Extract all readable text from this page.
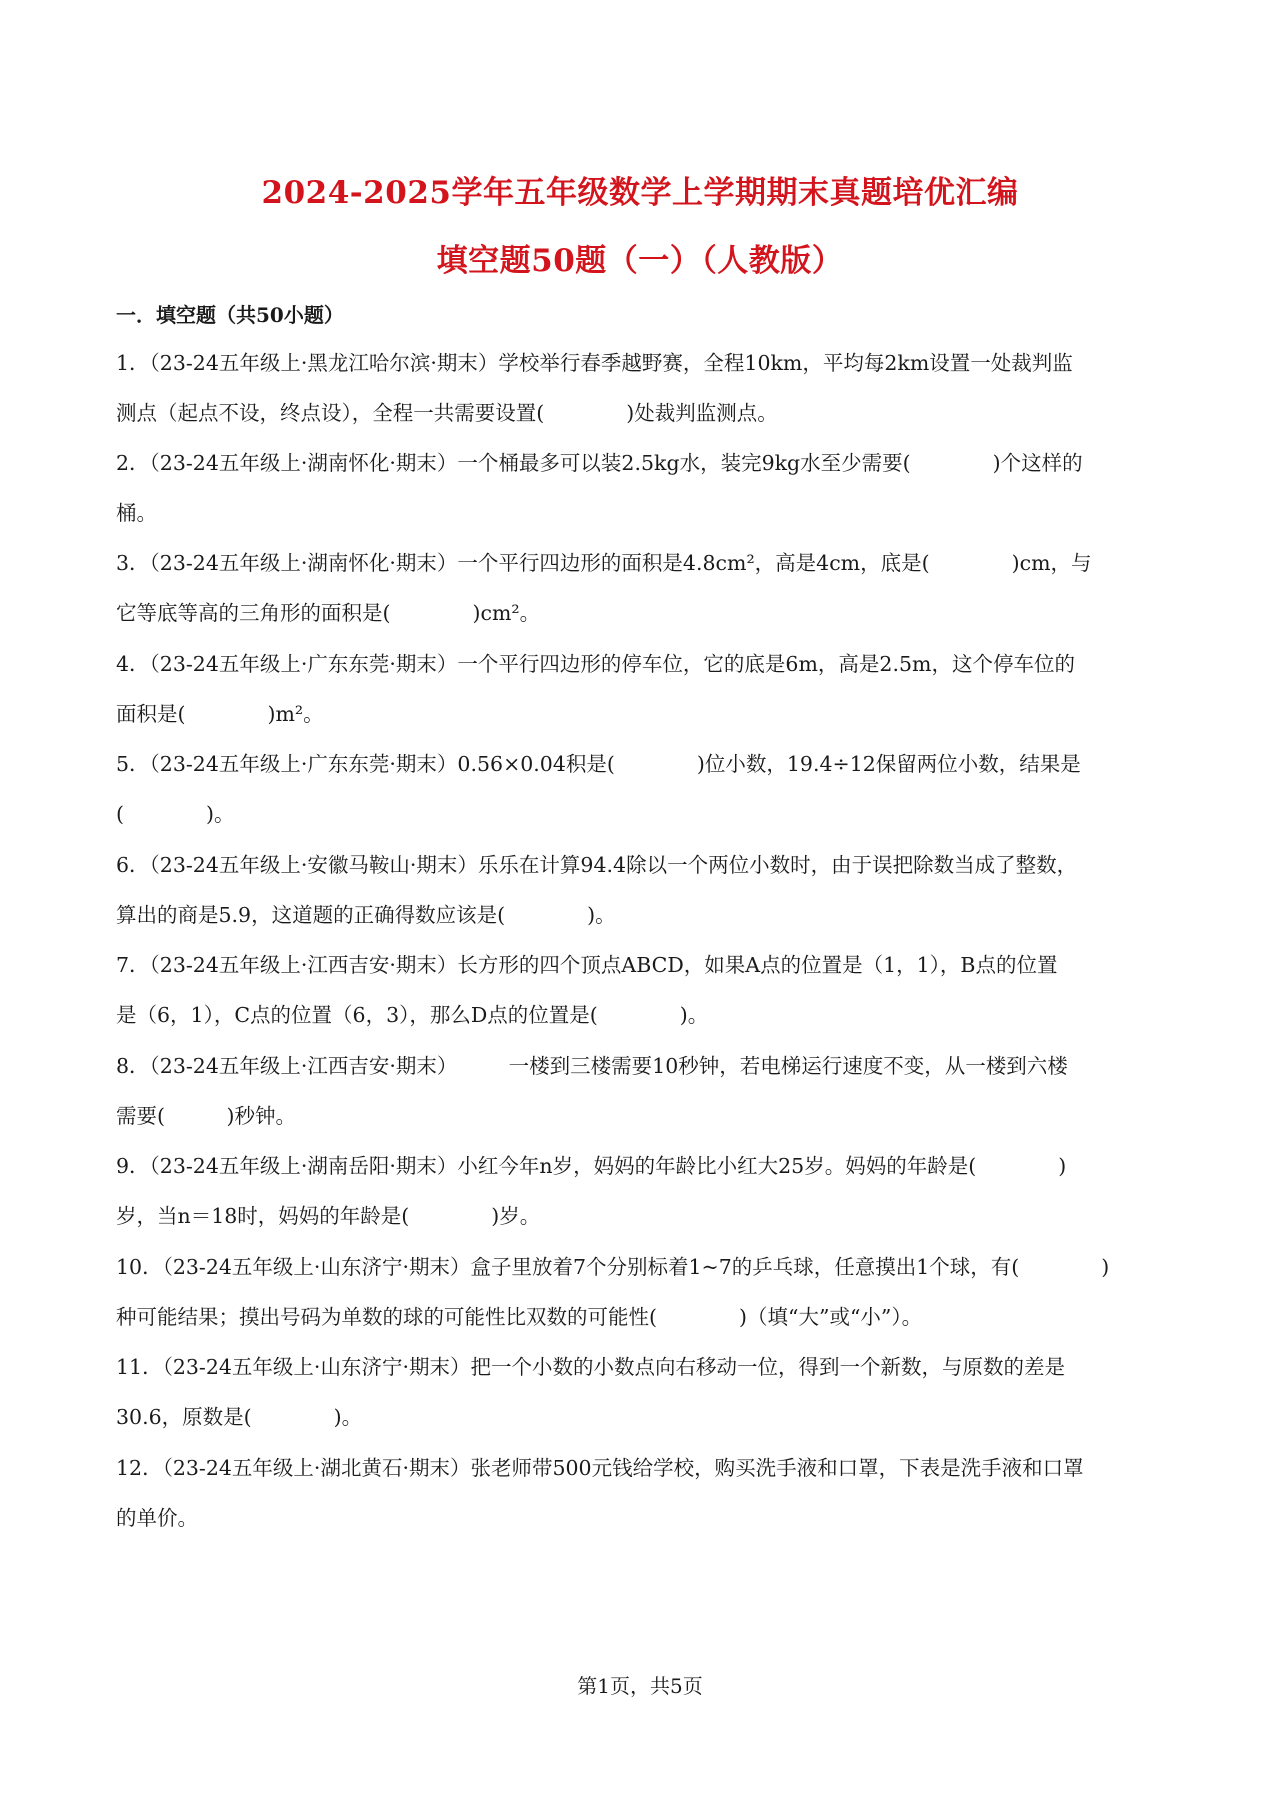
2024-2025学年五年级数学上学期期末真题培优汇编
填空题50题（一）（人教版）
一．填空题（共50小题）
1．（23-24五年级上·黑龙江哈尔滨·期末）学校举行春季越野赛，全程10km，平均每2km设置一处裁判监
测点（起点不设，终点设），全程一共需要设置(　　　　)处裁判监测点。
2．（23-24五年级上·湖南怀化·期末）一个桶最多可以装2.5kg水，装完9kg水至少需要(　　　　)个这样的
桶。
3．（23-24五年级上·湖南怀化·期末）一个平行四边形的面积是4.8cm²，高是4cm，底是(　　　　)cm，与
它等底等高的三角形的面积是(　　　　)cm²。
4．（23-24五年级上·广东东莞·期末）一个平行四边形的停车位，它的底是6m，高是2.5m，这个停车位的
面积是(　　　　)m²。
5．（23-24五年级上·广东东莞·期末）0.56×0.04积是(　　　　)位小数，19.4÷12保留两位小数，结果是
(　　　　)。
6．（23-24五年级上·安徽马鞍山·期末）乐乐在计算94.4除以一个两位小数时，由于误把除数当成了整数，
算出的商是5.9，这道题的正确得数应该是(　　　　)。
7．（23-24五年级上·江西吉安·期末）长方形的四个顶点ABCD，如果A点的位置是（1，1），B点的位置
是（6，1），C点的位置（6，3），那么D点的位置是(　　　　)。
8．（23-24五年级上·江西吉安·期末）　　　一楼到三楼需要10秒钟，若电梯运行速度不变，从一楼到六楼
需要(　　　)秒钟。
9．（23-24五年级上·湖南岳阳·期末）小红今年n岁，妈妈的年龄比小红大25岁。妈妈的年龄是(　　　　)
岁，当n＝18时，妈妈的年龄是(　　　　)岁。
10．（23-24五年级上·山东济宁·期末）盒子里放着7个分别标着1~7的乒乓球，任意摸出1个球，有(　　　　)
种可能结果；摸出号码为单数的球的可能性比双数的可能性(　　　　)（填“大”或“小”）。
11．（23-24五年级上·山东济宁·期末）把一个小数的小数点向右移动一位，得到一个新数，与原数的差是
30.6，原数是(　　　　)。
12．（23-24五年级上·湖北黄石·期末）张老师带500元钱给学校，购买洗手液和口罩，下表是洗手液和口罩
的单价。
第1页，共5页
